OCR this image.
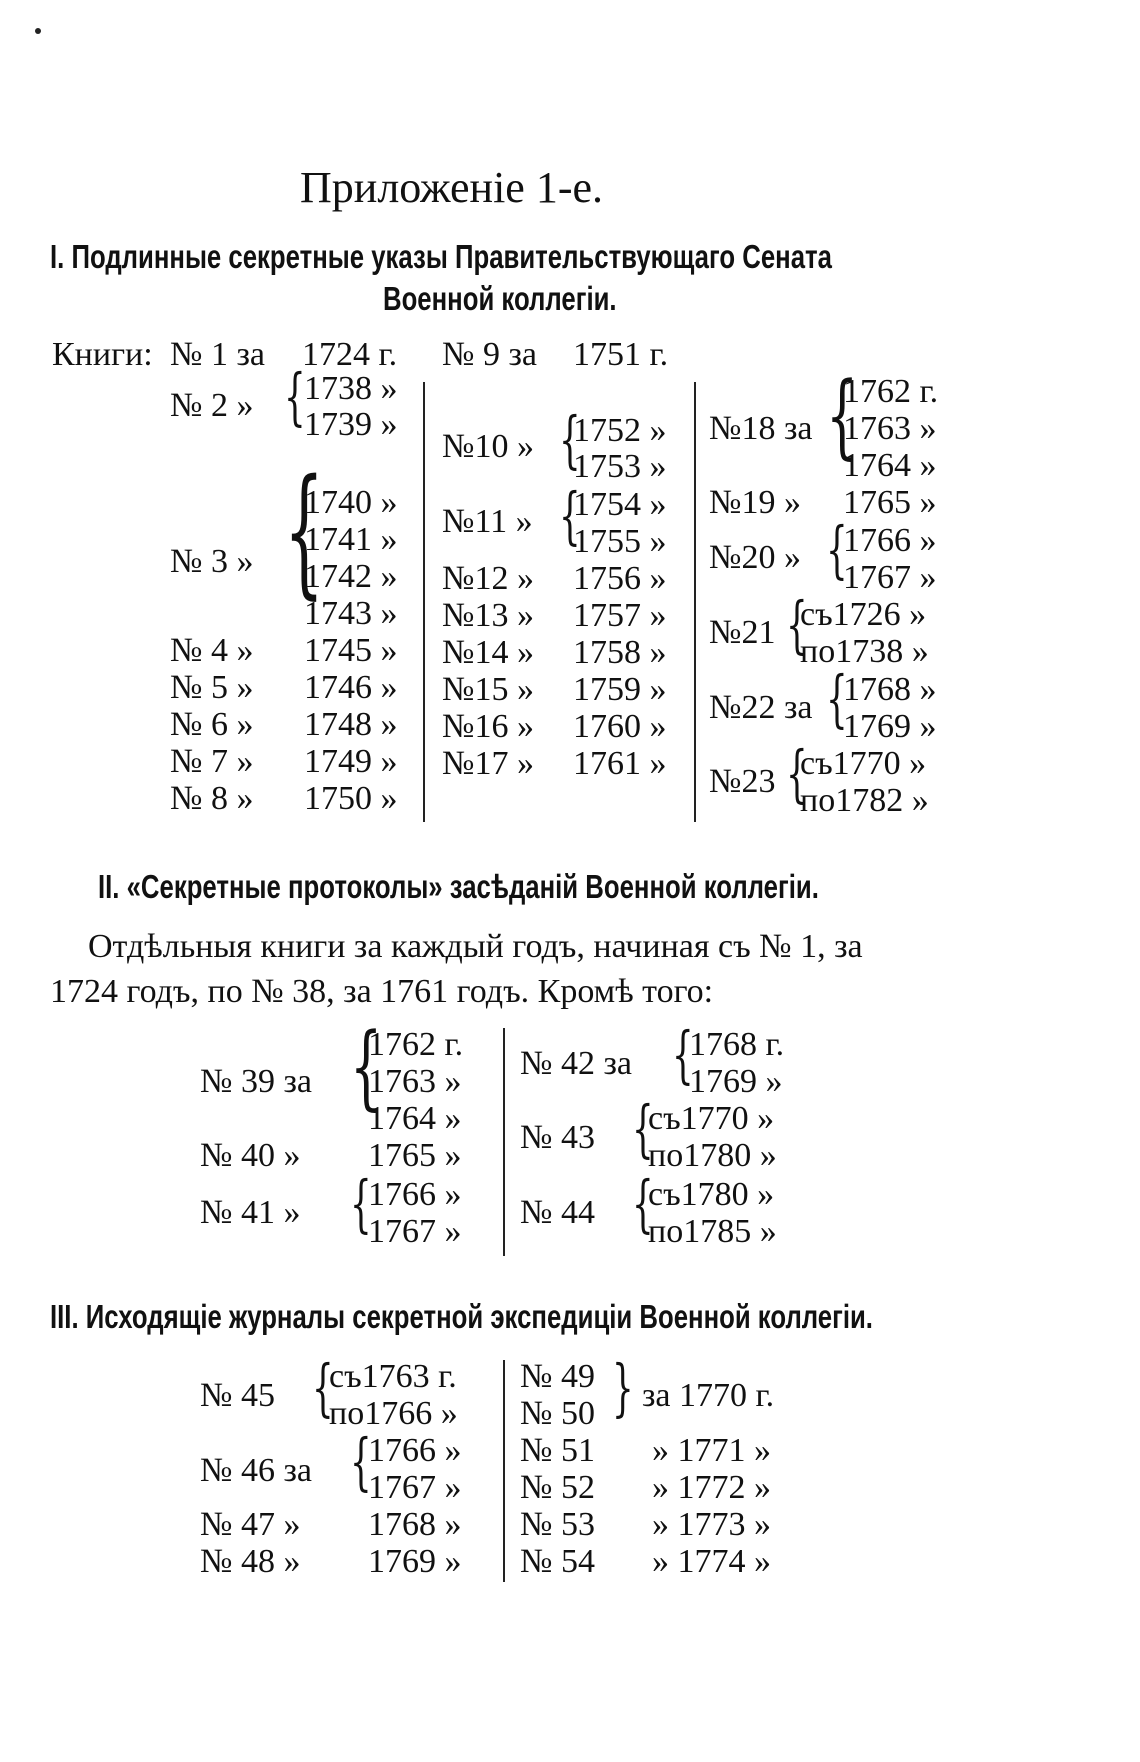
Приложеніе 1-е.
I. Подлинные секретные указы Правительствующаго Сената
Военной коллегіи.
Книги: № 1 за 1724 г.
№ 2 » {
1738 »
1739 »
№ 3 » {
1740 »
1741 »
1742 »
1743 »
№ 4 » 1745 »
№ 5 » 1746 »
№ 6 » 1748 »
№ 7 » 1749 »
№ 8 » 1750 »
№ 9 за 1751 г.
№10 » {
1752 »
1753 »
№11 » {
1754 »
1755 »
№12 » 1756 »
№13 » 1757 »
№14 » 1758 »
№15 » 1759 »
№16 » 1760 »
№17 » 1761 »
№18 за {
1762 г.
1763 »
1764 »
№19 » 1765 »
№20 » {
1766 »
1767 »
№21 {
съ1726 »
по1738 »
№22 за {
1768 »
1769 »
№23 {
съ1770 »
по1782 »
II. «Секретные протоколы» засѣданій Военной коллегіи.
Отдѣльныя книги за каждый годъ, начиная съ № 1, за
1724 годъ, по № 38, за 1761 годъ. Кромѣ того:
№ 39 за {
1762 г.
1763 »
1764 »
№ 40 » 1765 »
№ 41 » {
1766 »
1767 »
№ 42 за {
1768 г.
1769 »
№ 43 {
съ1770 »
по1780 »
№ 44 {
съ1780 »
по1785 »
III. Исходящіе журналы секретной экспедиціи Военной коллегіи.
№ 45 {
съ1763 г.
по1766 »
№ 46 за {
1766 »
1767 »
№ 47 » 1768 »
№ 48 » 1769 »
№ 49
№ 50 } за 1770 г.
№ 51 » 1771 »
№ 52 » 1772 »
№ 53 » 1773 »
№ 54 » 1774 »
